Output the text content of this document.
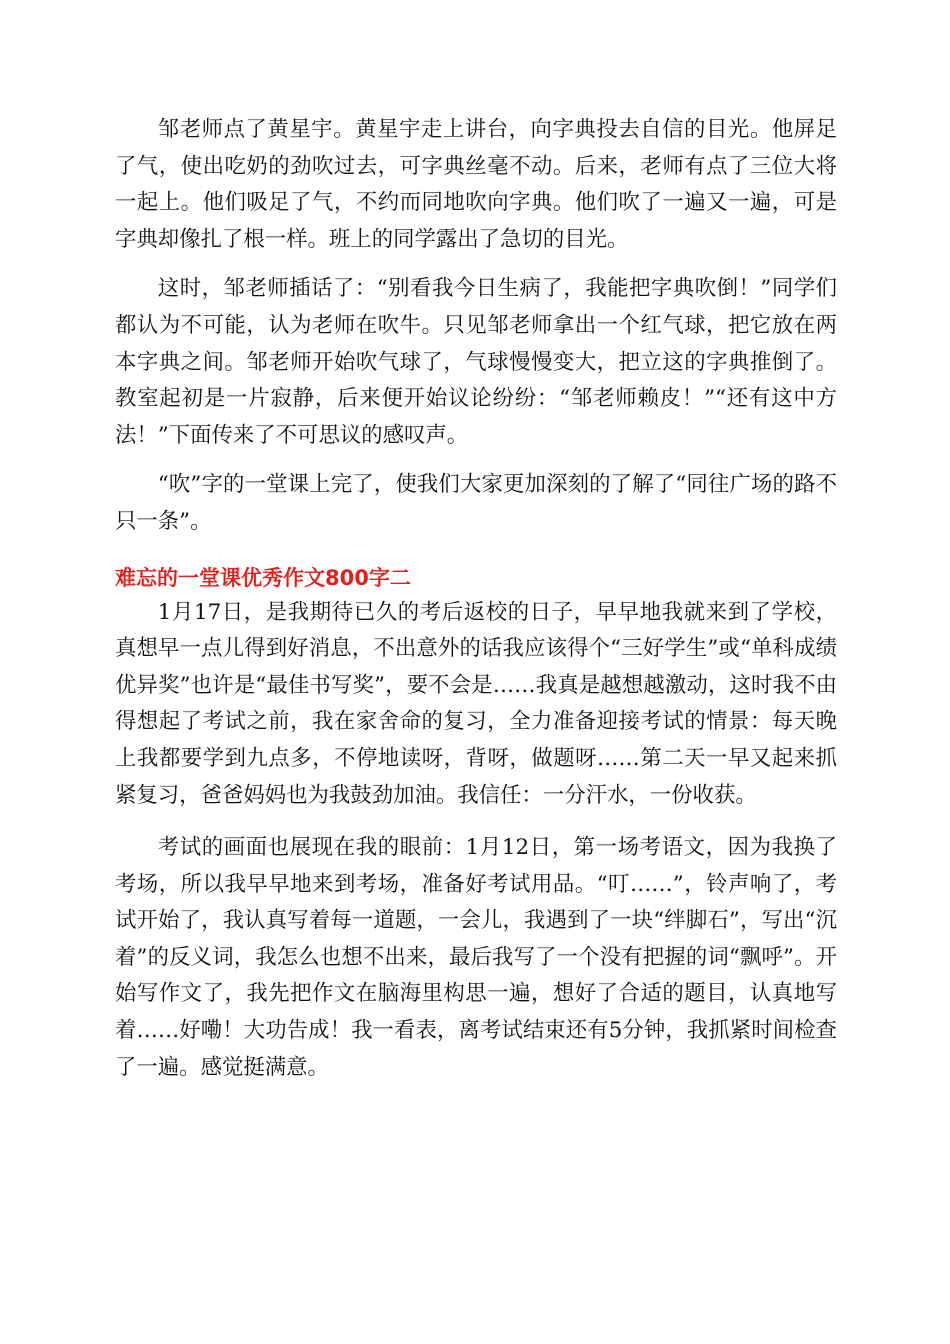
邹老师点了黄星宇。黄星宇走上讲台，向字典投去自信的目光。他屏足了气，使出吃奶的劲吹过去，可字典丝毫不动。后来，老师有点了三位大将一起上。他们吸足了气，不约而同地吹向字典。他们吹了一遍又一遍，可是字典却像扎了根一样。班上的同学露出了急切的目光。

这时，邹老师插话了：“别看我今日生病了，我能把字典吹倒！”同学们都认为不可能，认为老师在吹牛。只见邹老师拿出一个红气球，把它放在两本字典之间。邹老师开始吹气球了，气球慢慢变大，把立这的字典推倒了。教室起初是一片寂静，后来便开始议论纷纷：“邹老师赖皮！”“还有这中方法！”下面传来了不可思议的感叹声。

“吹”字的一堂课上完了，使我们大家更加深刻的了解了“同往广场的路不只一条”。

难忘的一堂课优秀作文800字二

1月17日，是我期待已久的考后返校的日子，早早地我就来到了学校，真想早一点儿得到好消息，不出意外的话我应该得个“三好学生”或“单科成绩优异奖”也许是“最佳书写奖”，要不会是……我真是越想越激动，这时我不由得想起了考试之前，我在家舍命的复习，全力准备迎接考试的情景：每天晚上我都要学到九点多，不停地读呀，背呀，做题呀……第二天一早又起来抓紧复习，爸爸妈妈也为我鼓劲加油。我信任：一分汗水，一份收获。

考试的画面也展现在我的眼前：1月12日，第一场考语文，因为我换了考场，所以我早早地来到考场，准备好考试用品。“叮……”，铃声响了，考试开始了，我认真写着每一道题，一会儿，我遇到了一块“绊脚石”，写出“沉着”的反义词，我怎么也想不出来，最后我写了一个没有把握的词“飘呼”。开始写作文了，我先把作文在脑海里构思一遍，想好了合适的题目，认真地写着……好嘞！大功告成！我一看表，离考试结束还有5分钟，我抓紧时间检查了一遍。感觉挺满意。
